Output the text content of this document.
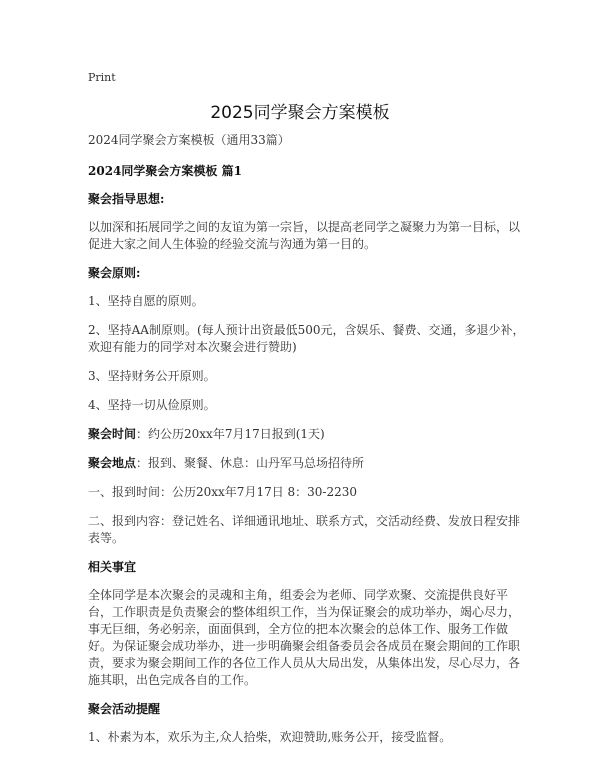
Print
2025同学聚会方案模板

2024同学聚会方案模板（通用33篇）

2024同学聚会方案模板 篇1

聚会指导思想:

以加深和拓展同学之间的友谊为第一宗旨，以提高老同学之凝聚力为第一目标，以促进大家之间人生体验的经验交流与沟通为第一目的。

聚会原则:

1、坚持自愿的原则。

2、坚持AA制原则。(每人预计出资最低500元，含娱乐、餐费、交通，多退少补，欢迎有能力的同学对本次聚会进行赞助)

3、坚持财务公开原则。

4、坚持一切从俭原则。

聚会时间：约公历20xx年7月17日报到(1天)

聚会地点：报到、聚餐、休息：山丹军马总场招待所

一、报到时间：公历20xx年7月17日 8：30-2230

二、报到内容：登记姓名、详细通讯地址、联系方式，交活动经费、发放日程安排表等。

相关事宜

全体同学是本次聚会的灵魂和主角，组委会为老师、同学欢聚、交流提供良好平台，工作职责是负责聚会的整体组织工作，当为保证聚会的成功举办，竭心尽力，事无巨细，务必躬亲，面面俱到，全方位的把本次聚会的总体工作、服务工作做好。为保证聚会成功举办，进一步明确聚会组备委员会各成员在聚会期间的工作职责，要求为聚会期间工作的各位工作人员从大局出发，从集体出发，尽心尽力，各施其职，出色完成各自的工作。

聚会活动提醒

1、朴素为本，欢乐为主,众人拾柴，欢迎赞助,账务公开，接受监督。
